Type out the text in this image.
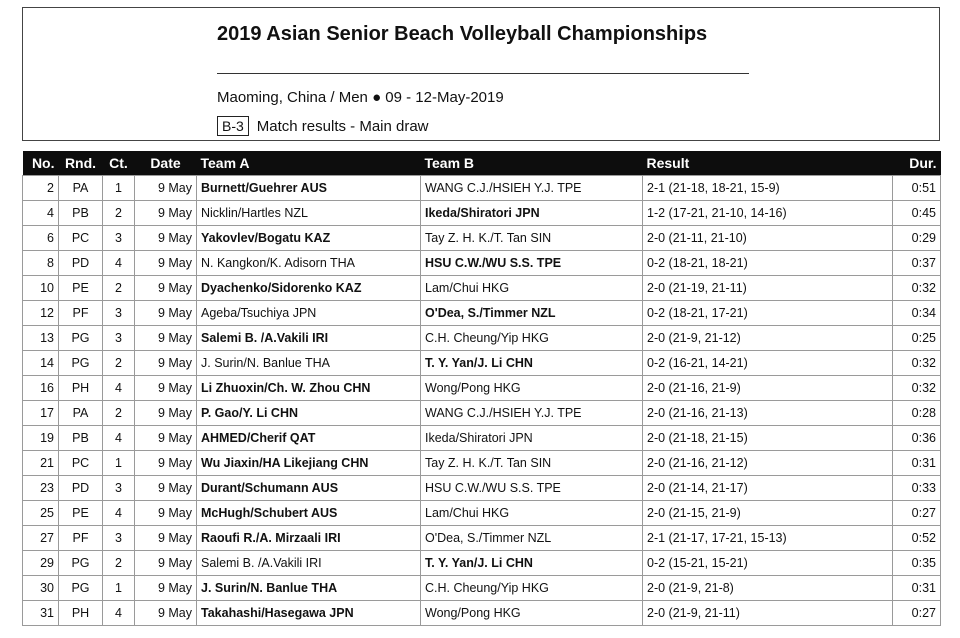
2019 Asian Senior Beach Volleyball Championships
Maoming, China / Men ● 09 - 12-May-2019
B-3 Match results - Main draw
No.	Rnd.	Ct.	Date	Team A	Team B	Result	Dur.
2	PA	1	9 May	Burnett/Guehrer AUS	WANG C.J./HSIEH Y.J. TPE	2-1 (21-18, 18-21, 15-9)	0:51
4	PB	2	9 May	Nicklin/Hartles NZL	Ikeda/Shiratori JPN	1-2 (17-21, 21-10, 14-16)	0:45
6	PC	3	9 May	Yakovlev/Bogatu KAZ	Tay Z. H. K./T. Tan SIN	2-0 (21-11, 21-10)	0:29
8	PD	4	9 May	N. Kangkon/K. Adisorn THA	HSU C.W./WU S.S. TPE	0-2 (18-21, 18-21)	0:37
10	PE	2	9 May	Dyachenko/Sidorenko KAZ	Lam/Chui HKG	2-0 (21-19, 21-11)	0:32
12	PF	3	9 May	Ageba/Tsuchiya JPN	O'Dea, S./Timmer NZL	0-2 (18-21, 17-21)	0:34
13	PG	3	9 May	Salemi B. /A.Vakili IRI	C.H. Cheung/Yip HKG	2-0 (21-9, 21-12)	0:25
14	PG	2	9 May	J. Surin/N. Banlue THA	T. Y. Yan/J. Li CHN	0-2 (16-21, 14-21)	0:32
16	PH	4	9 May	Li Zhuoxin/Ch. W. Zhou CHN	Wong/Pong HKG	2-0 (21-16, 21-9)	0:32
17	PA	2	9 May	P. Gao/Y. Li CHN	WANG C.J./HSIEH Y.J. TPE	2-0 (21-16, 21-13)	0:28
19	PB	4	9 May	AHMED/Cherif QAT	Ikeda/Shiratori JPN	2-0 (21-18, 21-15)	0:36
21	PC	1	9 May	Wu Jiaxin/HA Likejiang CHN	Tay Z. H. K./T. Tan SIN	2-0 (21-16, 21-12)	0:31
23	PD	3	9 May	Durant/Schumann AUS	HSU C.W./WU S.S. TPE	2-0 (21-14, 21-17)	0:33
25	PE	4	9 May	McHugh/Schubert AUS	Lam/Chui HKG	2-0 (21-15, 21-9)	0:27
27	PF	3	9 May	Raoufi R./A. Mirzaali IRI	O'Dea, S./Timmer NZL	2-1 (21-17, 17-21, 15-13)	0:52
29	PG	2	9 May	Salemi B. /A.Vakili IRI	T. Y. Yan/J. Li CHN	0-2 (15-21, 15-21)	0:35
30	PG	1	9 May	J. Surin/N. Banlue THA	C.H. Cheung/Yip HKG	2-0 (21-9, 21-8)	0:31
31	PH	4	9 May	Takahashi/Hasegawa JPN	Wong/Pong HKG	2-0 (21-9, 21-11)	0:27
